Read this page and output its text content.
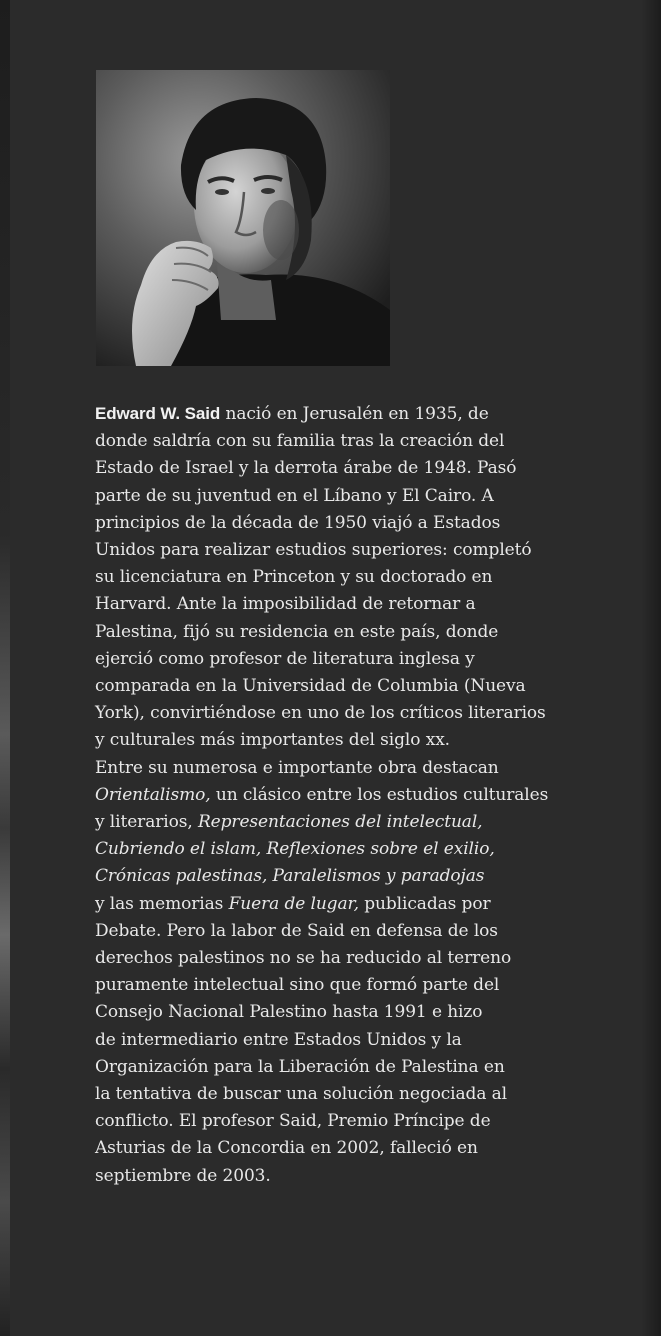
Edward W. Said nació en Jerusalén en 1935, de
donde saldría con su familia tras la creación del
Estado de Israel y la derrota árabe de 1948. Pasó
parte de su juventud en el Líbano y El Cairo. A
principios de la década de 1950 viajó a Estados
Unidos para realizar estudios superiores: completó
su licenciatura en Princeton y su doctorado en
Harvard. Ante la imposibilidad de retornar a
Palestina, fijó su residencia en este país, donde
ejerció como profesor de literatura inglesa y
comparada en la Universidad de Columbia (Nueva
York), convirtiéndose en uno de los críticos literarios
y culturales más importantes del siglo xx.
Entre su numerosa e importante obra destacan
Orientalismo, un clásico entre los estudios culturales
y literarios, Representaciones del intelectual,
Cubriendo el islam, Reflexiones sobre el exilio,
Crónicas palestinas, Paralelismos y paradojas
y las memorias Fuera de lugar, publicadas por
Debate. Pero la labor de Said en defensa de los
derechos palestinos no se ha reducido al terreno
puramente intelectual sino que formó parte del
Consejo Nacional Palestino hasta 1991 e hizo
de intermediario entre Estados Unidos y la
Organización para la Liberación de Palestina en
la tentativa de buscar una solución negociada al
conflicto. El profesor Said, Premio Príncipe de
Asturias de la Concordia en 2002, falleció en
septiembre de 2003.
